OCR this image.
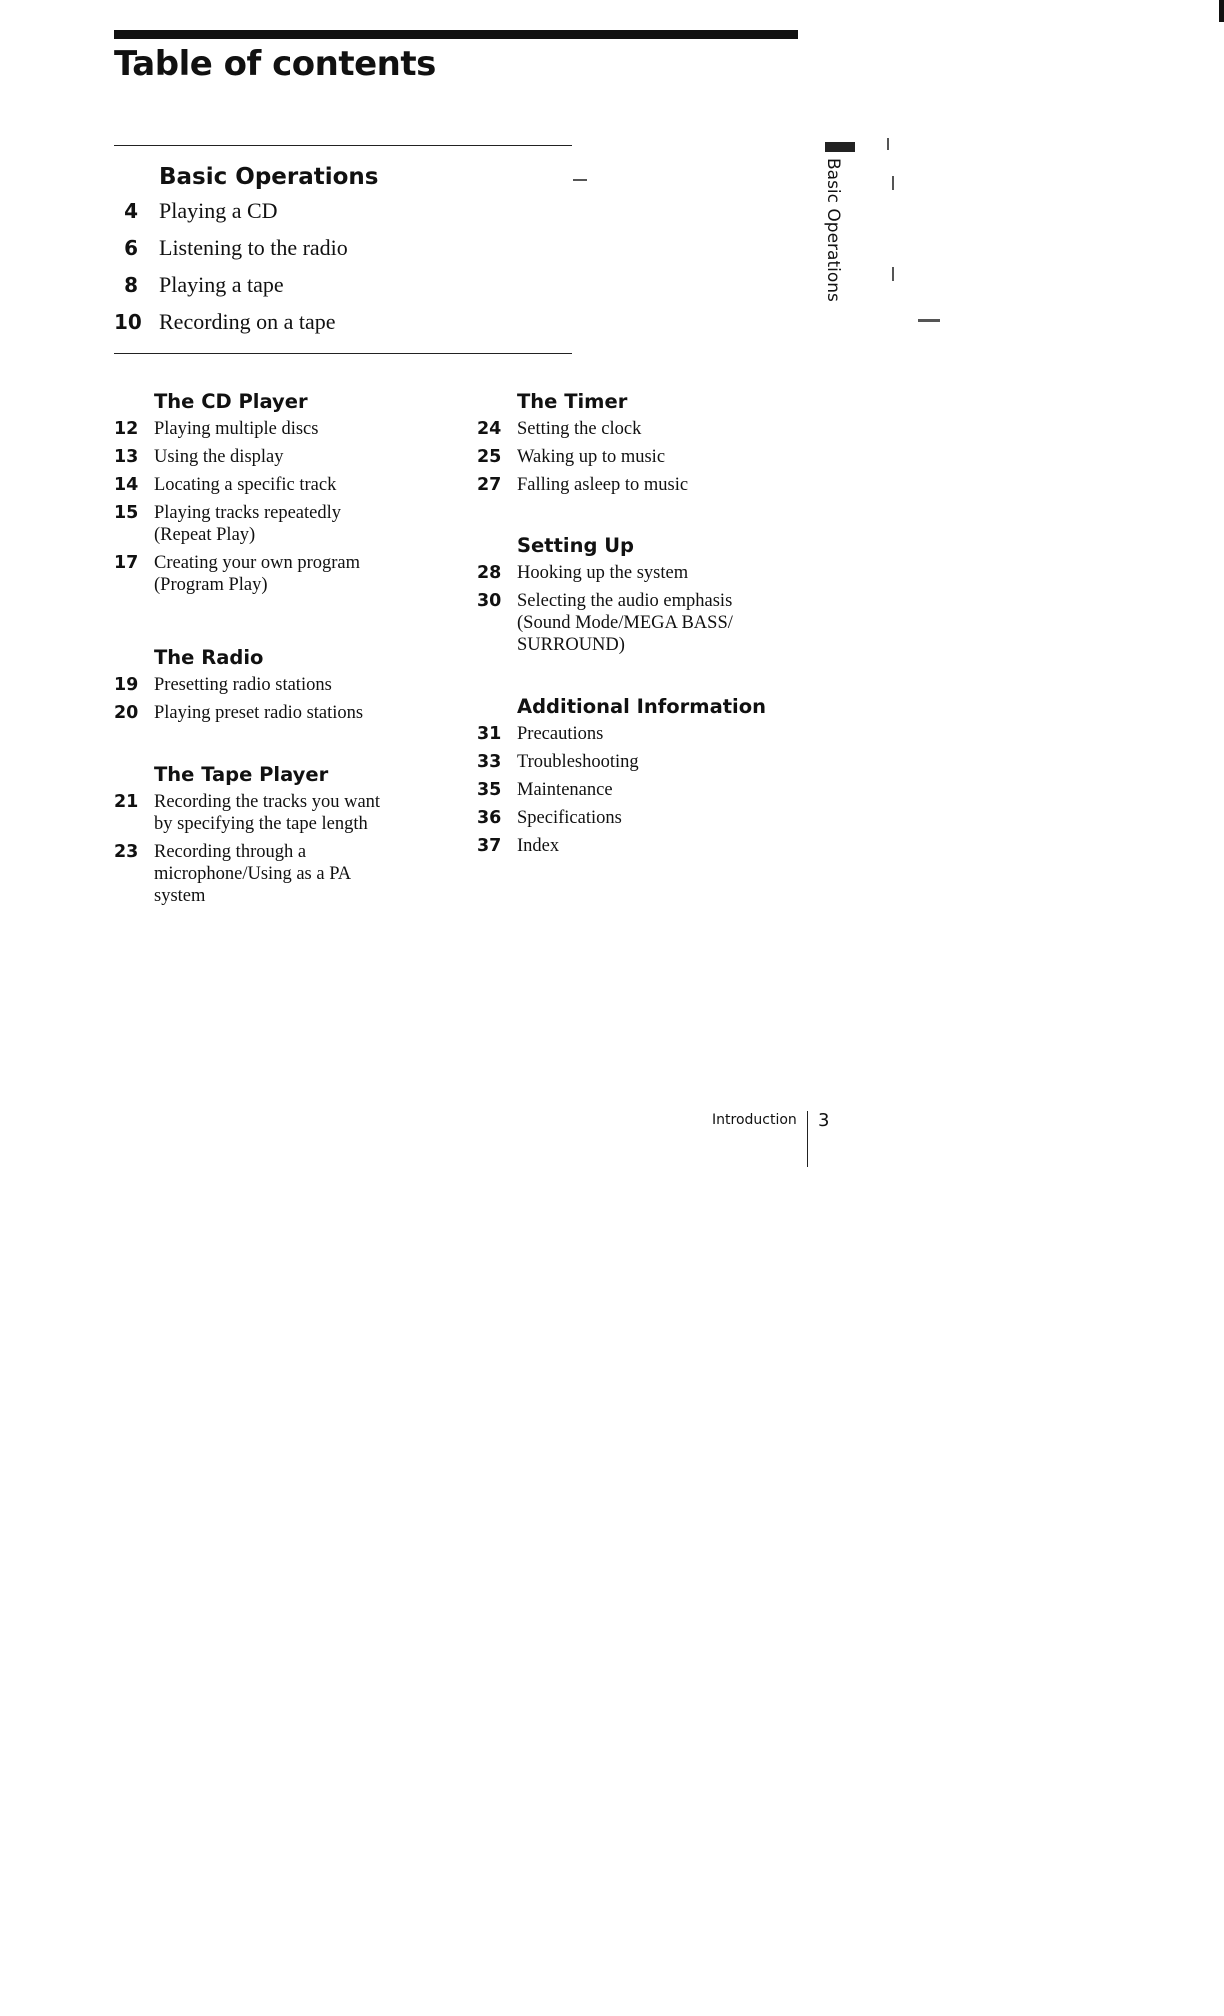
Table of contents
Basic Operations
4 Playing a CD
6 Listening to the radio
8 Playing a tape
10 Recording on a tape
The CD Player
12 Playing multiple discs
13 Using the display
14 Locating a specific track
15 Playing tracks repeatedly
(Repeat Play)
17 Creating your own program
(Program Play)
The Radio
19 Presetting radio stations
20 Playing preset radio stations
The Tape Player
21 Recording the tracks you want
by specifying the tape length
23 Recording through a
microphone/Using as a PA
system
The Timer
24 Setting the clock
25 Waking up to music
27 Falling asleep to music
Setting Up
28 Hooking up the system
30 Selecting the audio emphasis
(Sound Mode/MEGA BASS/
SURROUND)
Additional Information
31 Precautions
33 Troubleshooting
35 Maintenance
36 Specifications
37 Index
Basic Operations
Introduction 3
